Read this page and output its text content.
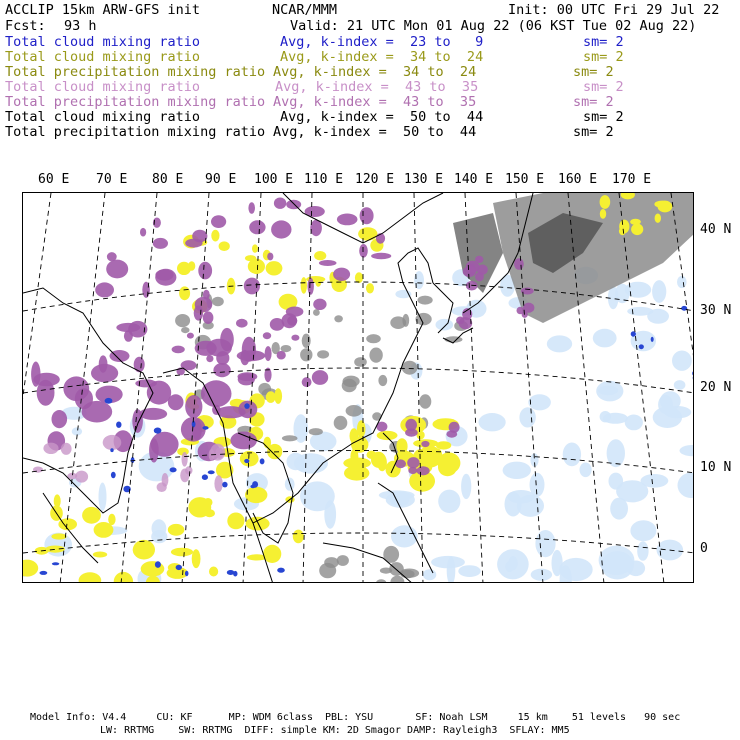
ACCLIP 15km ARW-GFS init	NCAR/MMM	Init: 00 UTC Fri 29 Jul 22
Fcst: 93 h	Valid: 21 UTC Mon 01 Aug 22 (06 KST Tue 02 Aug 22)
Total cloud mixing ratio	Avg, k-index =  23 to   9	sm= 2
Total cloud mixing ratio	Avg, k-index =  34 to  24	sm= 2
Total precipitation mixing ratio Avg, k-index =  34 to  24	sm= 2
Total cloud mixing ratio	Avg, k-index =  43 to  35	sm= 2
Total precipitation mixing ratio Avg, k-index =  43 to  35	sm= 2
Total cloud mixing ratio	Avg, k-index =  50 to  44	sm= 2
Total precipitation mixing ratio Avg, k-index =  50 to  44	sm= 2
60 E 70 E 80 E 90 E 100 E 110 E 120 E 130 E 140 E 150 E 160 E 170 E
40 N
30 N
20 N
10 N
0
Model Info: V4.4     CU: KF      MP: WDM 6class  PBL: YSU       SF: Noah LSM     15 km    51 levels   90 sec
LW: RRTMG    SW: RRTMG  DIFF: simple KM: 2D Smagor DAMP: Rayleigh3  SFLAY: MM5
